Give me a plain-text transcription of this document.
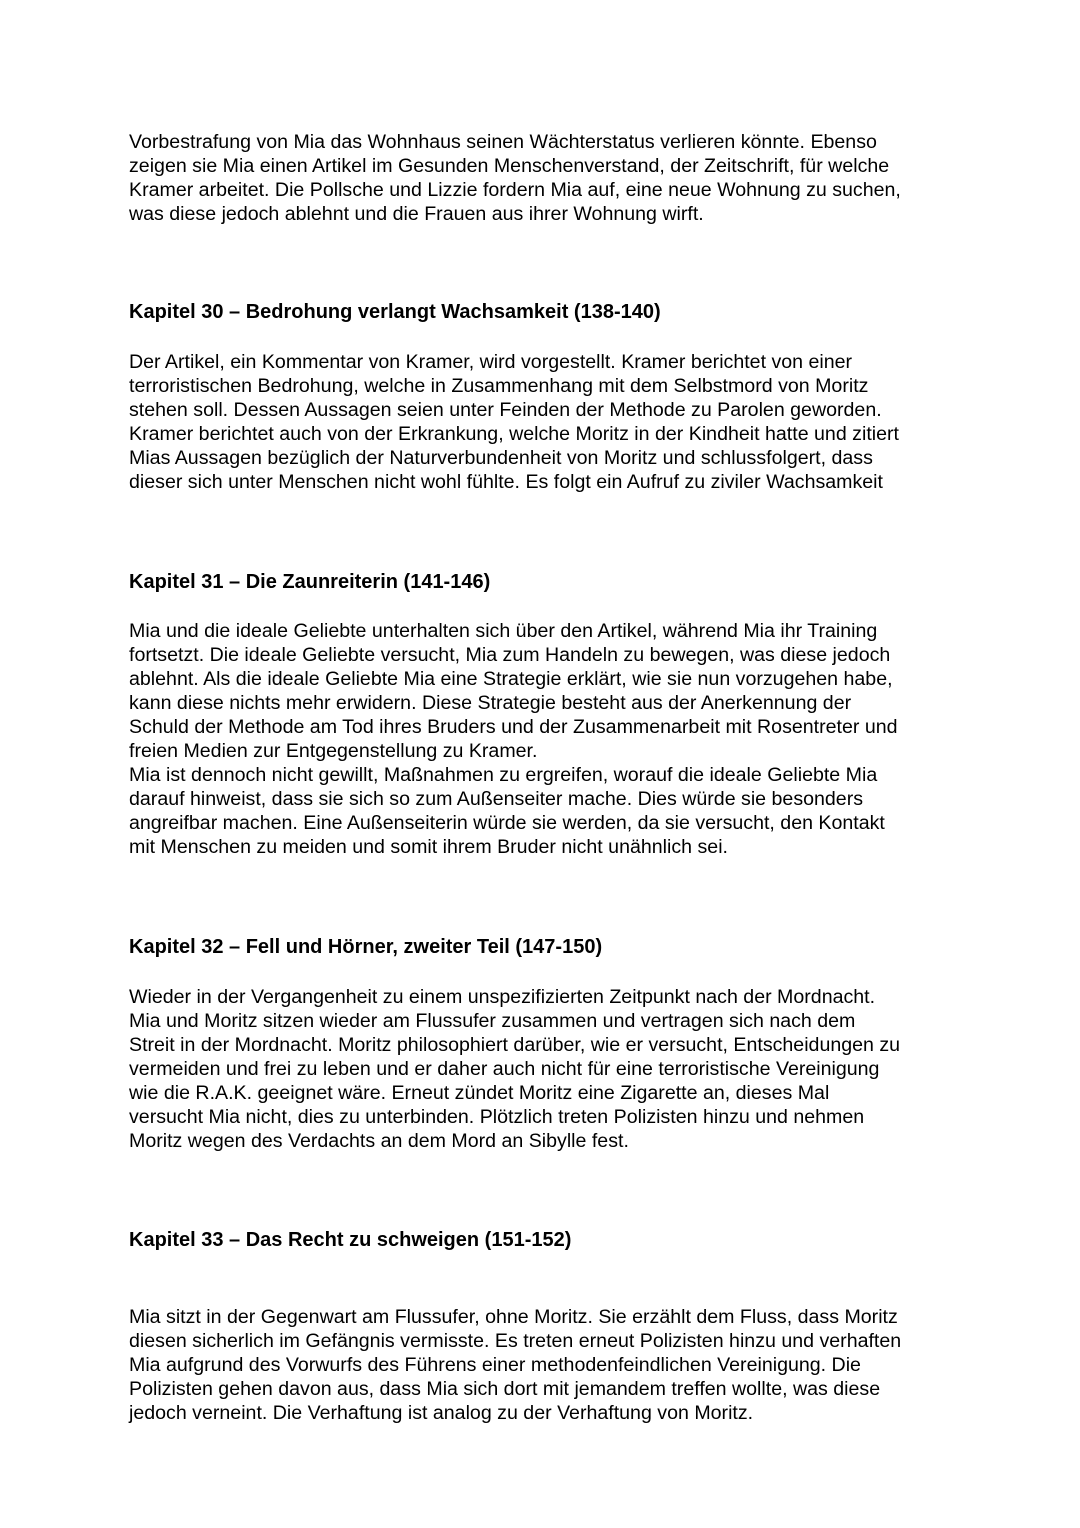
Vorbestrafung von Mia das Wohnhaus seinen Wächterstatus verlieren könnte. Ebenso
zeigen sie Mia einen Artikel im Gesunden Menschenverstand, der Zeitschrift, für welche
Kramer arbeitet. Die Pollsche und Lizzie fordern Mia auf, eine neue Wohnung zu suchen,
was diese jedoch ablehnt und die Frauen aus ihrer Wohnung wirft.

Kapitel 30 – Bedrohung verlangt Wachsamkeit (138-140)

Der Artikel, ein Kommentar von Kramer, wird vorgestellt. Kramer berichtet von einer
terroristischen Bedrohung, welche in Zusammenhang mit dem Selbstmord von Moritz
stehen soll. Dessen Aussagen seien unter Feinden der Methode zu Parolen geworden.
Kramer berichtet auch von der Erkrankung, welche Moritz in der Kindheit hatte und zitiert
Mias Aussagen bezüglich der Naturverbundenheit von Moritz und schlussfolgert, dass
dieser sich unter Menschen nicht wohl fühlte. Es folgt ein Aufruf zu ziviler Wachsamkeit

Kapitel 31 – Die Zaunreiterin (141-146)

Mia und die ideale Geliebte unterhalten sich über den Artikel, während Mia ihr Training
fortsetzt. Die ideale Geliebte versucht, Mia zum Handeln zu bewegen, was diese jedoch
ablehnt. Als die ideale Geliebte Mia eine Strategie erklärt, wie sie nun vorzugehen habe,
kann diese nichts mehr erwidern. Diese Strategie besteht aus der Anerkennung der
Schuld der Methode am Tod ihres Bruders und der Zusammenarbeit mit Rosentreter und
freien Medien zur Entgegenstellung zu Kramer.
Mia ist dennoch nicht gewillt, Maßnahmen zu ergreifen, worauf die ideale Geliebte Mia
darauf hinweist, dass sie sich so zum Außenseiter mache. Dies würde sie besonders
angreifbar machen. Eine Außenseiterin würde sie werden, da sie versucht, den Kontakt
mit Menschen zu meiden und somit ihrem Bruder nicht unähnlich sei.

Kapitel 32 – Fell und Hörner, zweiter Teil (147-150)

Wieder in der Vergangenheit zu einem unspezifizierten Zeitpunkt nach der Mordnacht.
Mia und Moritz sitzen wieder am Flussufer zusammen und vertragen sich nach dem
Streit in der Mordnacht. Moritz philosophiert darüber, wie er versucht, Entscheidungen zu
vermeiden und frei zu leben und er daher auch nicht für eine terroristische Vereinigung
wie die R.A.K. geeignet wäre. Erneut zündet Moritz eine Zigarette an, dieses Mal
versucht Mia nicht, dies zu unterbinden. Plötzlich treten Polizisten hinzu und nehmen
Moritz wegen des Verdachts an dem Mord an Sibylle fest.

Kapitel 33 – Das Recht zu schweigen (151-152)

Mia sitzt in der Gegenwart am Flussufer, ohne Moritz. Sie erzählt dem Fluss, dass Moritz
diesen sicherlich im Gefängnis vermisste. Es treten erneut Polizisten hinzu und verhaften
Mia aufgrund des Vorwurfs des Führens einer methodenfeindlichen Vereinigung. Die
Polizisten gehen davon aus, dass Mia sich dort mit jemandem treffen wollte, was diese
jedoch verneint. Die Verhaftung ist analog zu der Verhaftung von Moritz.
